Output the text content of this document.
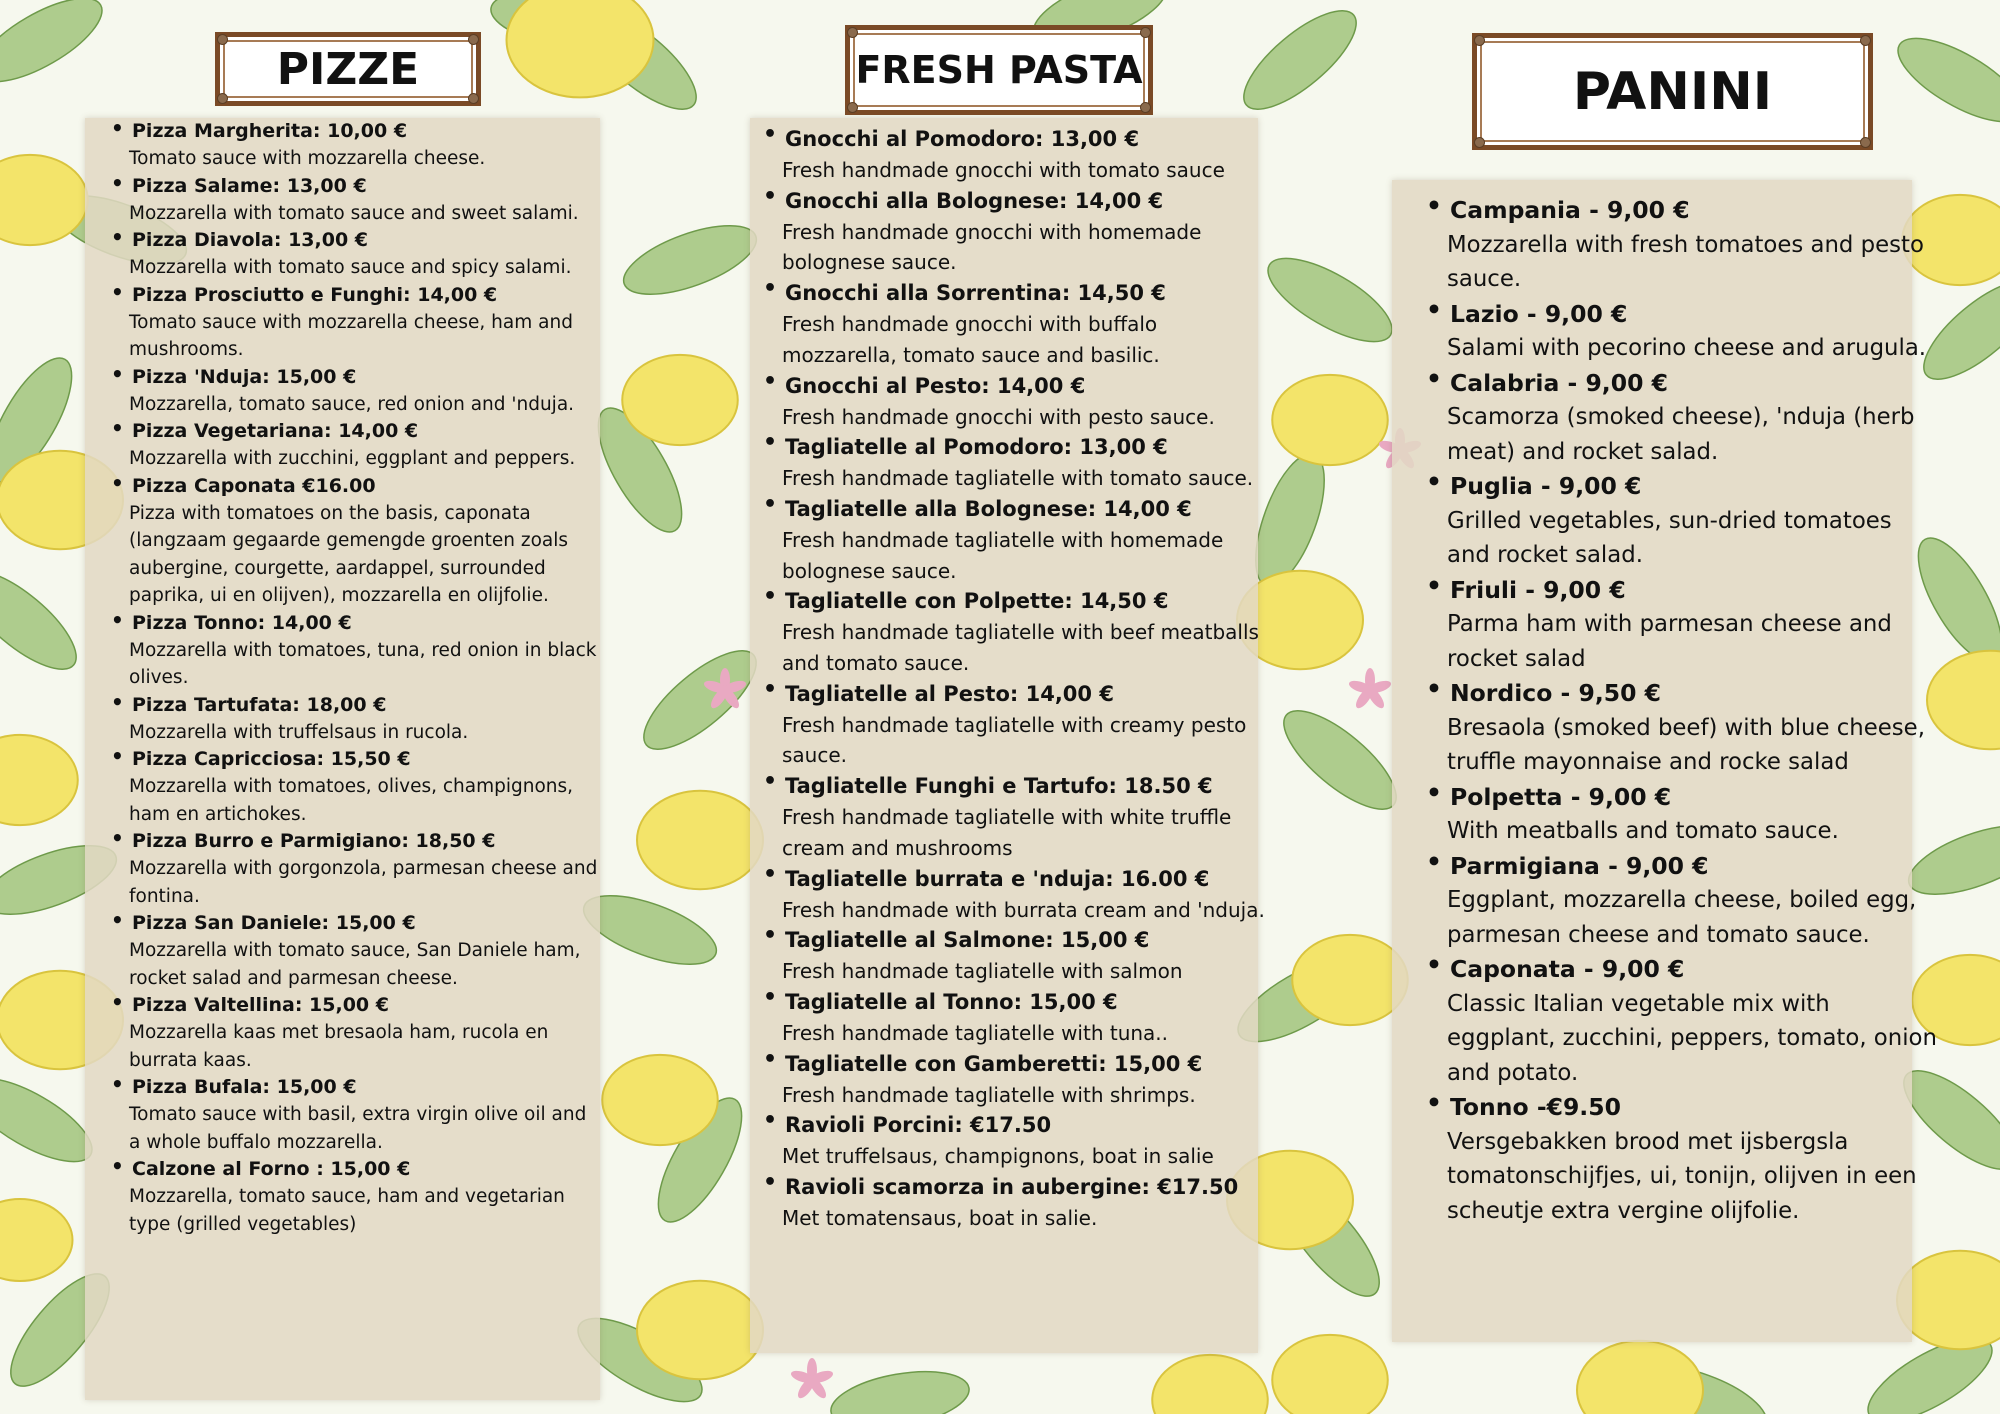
PIZZE	FRESH PASTA	PANINI
• Pizza Margherita: 10,00 €
Tomato sauce with mozzarella cheese.
• Pizza Salame: 13,00 €
Mozzarella with tomato sauce and sweet salami.
• Pizza Diavola: 13,00 €
Mozzarella with tomato sauce and spicy salami.
• Pizza Prosciutto e Funghi: 14,00 €
Tomato sauce with mozzarella cheese, ham and mushrooms.
• Pizza 'Nduja: 15,00 €
Mozzarella, tomato sauce, red onion and 'nduja.
• Pizza Vegetariana: 14,00 €
Mozzarella with zucchini, eggplant and peppers.
• Pizza Caponata €16.00
Pizza with tomatoes on the basis, caponata (langzaam gegaarde gemengde groenten zoals aubergine, courgette, aardappel, surrounded paprika, ui en olijven), mozzarella en olijfolie.
• Pizza Tonno: 14,00 €
Mozzarella with tomatoes, tuna, red onion in black olives.
• Pizza Tartufata: 18,00 €
Mozzarella with truffelsaus in rucola.
• Pizza Capricciosa: 15,50 €
Mozzarella with tomatoes, olives, champignons, ham en artichokes.
• Pizza Burro e Parmigiano: 18,50 €
Mozzarella with gorgonzola, parmesan cheese and fontina.
• Pizza San Daniele: 15,00 €
Mozzarella with tomato sauce, San Daniele ham, rocket salad and parmesan cheese.
• Pizza Valtellina: 15,00 €
Mozzarella kaas met bresaola ham, rucola en burrata kaas.
• Pizza Bufala: 15,00 €
Tomato sauce with basil, extra virgin olive oil and a whole buffalo mozzarella.
• Calzone al Forno : 15,00 €
Mozzarella, tomato sauce, ham and vegetarian type (grilled vegetables)
• Gnocchi al Pomodoro: 13,00 €
Fresh handmade gnocchi with tomato sauce
• Gnocchi alla Bolognese: 14,00 €
Fresh handmade gnocchi with homemade bolognese sauce.
• Gnocchi alla Sorrentina: 14,50 €
Fresh handmade gnocchi with buffalo mozzarella, tomato sauce and basilic.
• Gnocchi al Pesto: 14,00 €
Fresh handmade gnocchi with pesto sauce.
• Tagliatelle al Pomodoro: 13,00 €
Fresh handmade tagliatelle with tomato sauce.
• Tagliatelle alla Bolognese: 14,00 €
Fresh handmade tagliatelle with homemade bolognese sauce.
• Tagliatelle con Polpette: 14,50 €
Fresh handmade tagliatelle with beef meatballs and tomato sauce.
• Tagliatelle al Pesto: 14,00 €
Fresh handmade tagliatelle with creamy pesto sauce.
• Tagliatelle Funghi e Tartufo: 18.50 €
Fresh handmade tagliatelle with white truffle cream and mushrooms
• Tagliatelle burrata e 'nduja: 16.00 €
Fresh handmade with burrata cream and 'nduja.
• Tagliatelle al Salmone: 15,00 €
Fresh handmade tagliatelle with salmon
• Tagliatelle al Tonno: 15,00 €
Fresh handmade tagliatelle with tuna..
• Tagliatelle con Gamberetti: 15,00 €
Fresh handmade tagliatelle with shrimps.
• Ravioli Porcini: €17.50
Met truffelsaus, champignons, boat in salie
• Ravioli scamorza in aubergine: €17.50
Met tomatensaus, boat in salie.
• Campania - 9,00 €
Mozzarella with fresh tomatoes and pesto sauce.
• Lazio - 9,00 €
Salami with pecorino cheese and arugula.
• Calabria - 9,00 €
Scamorza (smoked cheese), 'nduja (herb meat) and rocket salad.
• Puglia - 9,00 €
Grilled vegetables, sun-dried tomatoes and rocket salad.
• Friuli - 9,00 €
Parma ham with parmesan cheese and rocket salad
• Nordico - 9,50 €
Bresaola (smoked beef) with blue cheese, truffle mayonnaise and rocke salad
• Polpetta - 9,00 €
With meatballs and tomato sauce.
• Parmigiana - 9,00 €
Eggplant, mozzarella cheese, boiled egg, parmesan cheese and tomato sauce.
• Caponata - 9,00 €
Classic Italian vegetable mix with eggplant, zucchini, peppers, tomato, onion and potato.
• Tonno -€9.50
Versgebakken brood met ijsbergsla tomatonschijfjes, ui, tonijn, olijven in een scheutje extra vergine olijfolie.
